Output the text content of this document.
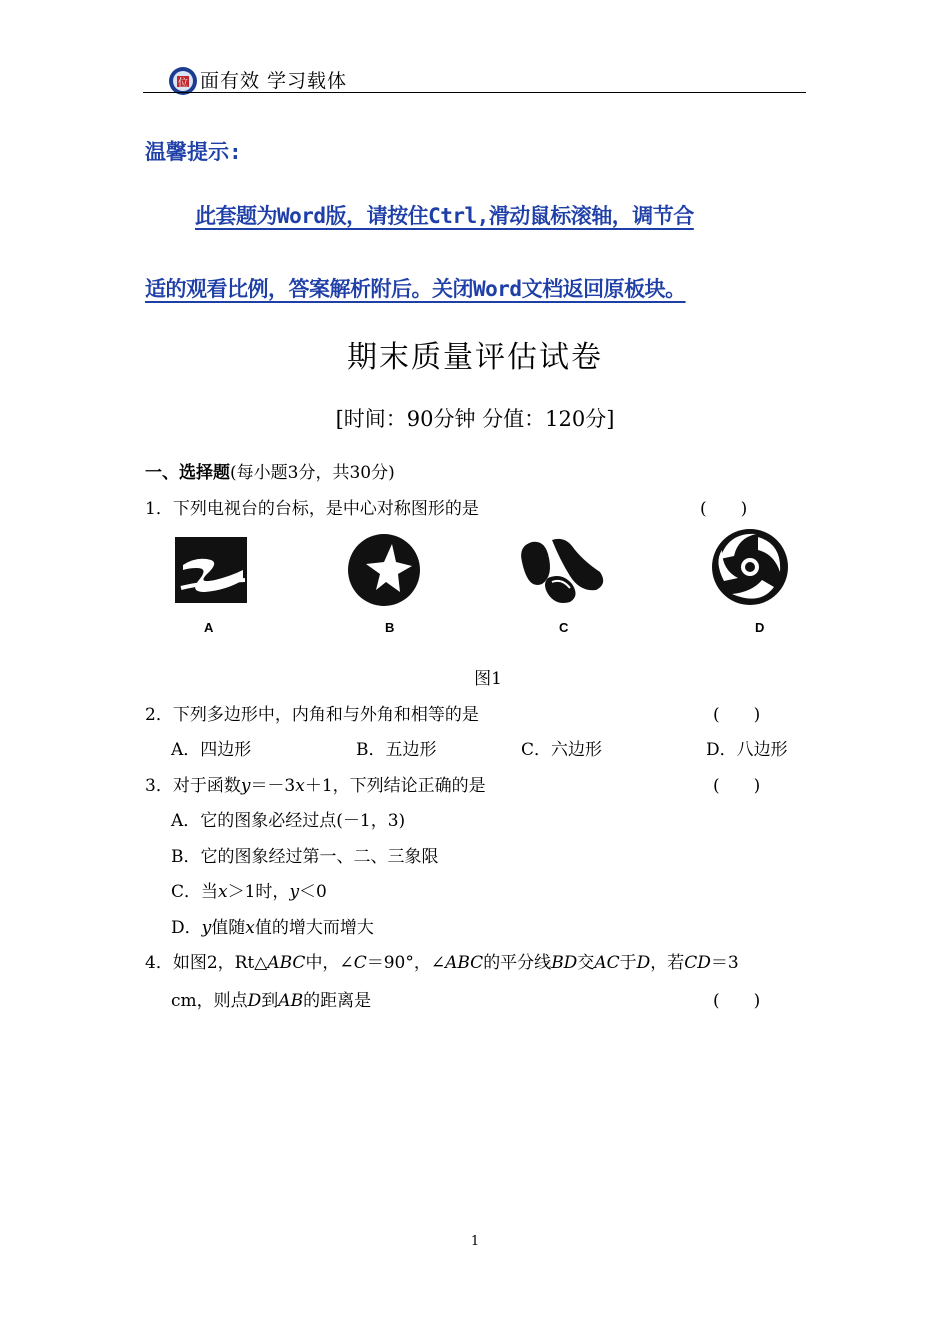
位 面有效 学习载体
温馨提示:
此套题为Word版，请按住Ctrl,滑动鼠标滚轴，调节合
适的观看比例，答案解析附后。关闭Word文档返回原板块。
期末质量评估试卷
[时间：90分钟 分值：120分]
一、选择题(每小题3分，共30分)
1．下列电视台的台标，是中心对称图形的是	(　　)
A	B	C	D
图1
2．下列多边形中，内角和与外角和相等的是	(　　)
A．四边形	B．五边形	C．六边形	D．八边形
3．对于函数y＝－3x＋1，下列结论正确的是	(　　)
A．它的图象必经过点(－1，3)
B．它的图象经过第一、二、三象限
C．当x＞1时，y＜0
D．y值随x值的增大而增大
4．如图2，Rt△ABC中，∠C＝90°，∠ABC的平分线BD交AC于D，若CD＝3
cm，则点D到AB的距离是	(　　)
1
